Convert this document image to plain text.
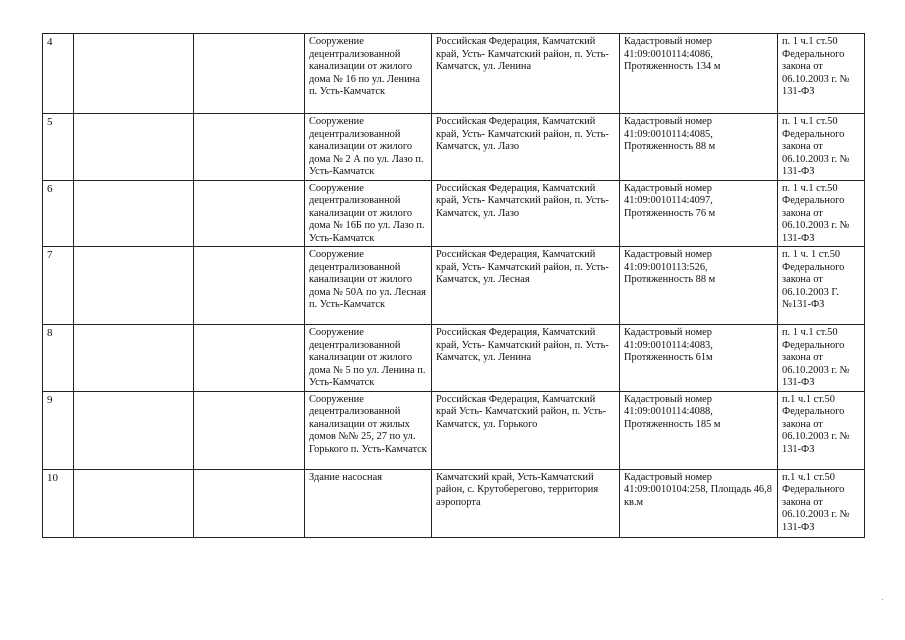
4			Сооружение децентрализованной канализации от жилого дома № 16 по ул. Ленина п. Усть-Камчатск	Российская Федерация, Камчатский край, Усть- Камчатский район, п. Усть-Камчатск, ул. Ленина	Кадастровый номер 41:09:0010114:4086, Протяженность 134 м	п. 1 ч.1 ст.50 Федерального закона от 06.10.2003 г. № 131-ФЗ
5			Сооружение децентрализованной канализации от жилого дома № 2 А по ул. Лазо п. Усть-Камчатск	Российская Федерация, Камчатский край, Усть- Камчатский район, п. Усть-Камчатск, ул. Лазо	Кадастровый номер 41:09:0010114:4085, Протяженность 88 м	п. 1 ч.1 ст.50 Федерального закона от 06.10.2003 г. № 131-ФЗ
6			Сооружение децентрализованной канализации от жилого дома № 16Б по ул. Лазо п. Усть-Камчатск	Российская Федерация, Камчатский край, Усть- Камчатский район, п. Усть-Камчатск, ул. Лазо	Кадастровый номер 41:09:0010114:4097, Протяженность 76 м	п. 1 ч.1 ст.50 Федерального закона от 06.10.2003 г. № 131-ФЗ
7			Сооружение децентрализованной канализации от жилого дома № 50А по ул. Лесная п. Усть-Камчатск	Российская Федерация, Камчатский край, Усть- Камчатский район, п. Усть-Камчатск, ул. Лесная	Кадастровый номер 41:09:0010113:526, Протяженность 88 м	п. 1 ч. 1 ст.50 Федерального закона от 06.10.2003 Г.№131-ФЗ
8			Сооружение децентрализованной канализации от жилого дома № 5 по ул. Ленина п. Усть-Камчатск	Российская Федерация, Камчатский край, Усть- Камчатский район, п. Усть-Камчатск, ул. Ленина	Кадастровый номер 41:09:0010114:4083, Протяженность 61м	п. 1 ч.1 ст.50 Федерального закона от 06.10.2003 г. № 131-ФЗ
9			Сооружение децентрализованной канализации от жилых домов №№ 25, 27 по ул. Горького п. Усть-Камчатск	Российская Федерация, Камчатский край Усть- Камчатский район, п. Усть-Камчатск, ул. Горького	Кадастровый номер 41:09:0010114:4088, Протяженность 185 м	п.1 ч.1 ст.50 Федерального закона от 06.10.2003 г. № 131-ФЗ
10			Здание насосная	Камчатский край, Усть-Камчатский район, с. Крутоберегово, территория аэропорта	Кадастровый номер 41:09:0010104:258, Площадь 46,8 кв.м	п.1 ч.1 ст.50 Федерального закона от 06.10.2003 г. № 131-ФЗ
